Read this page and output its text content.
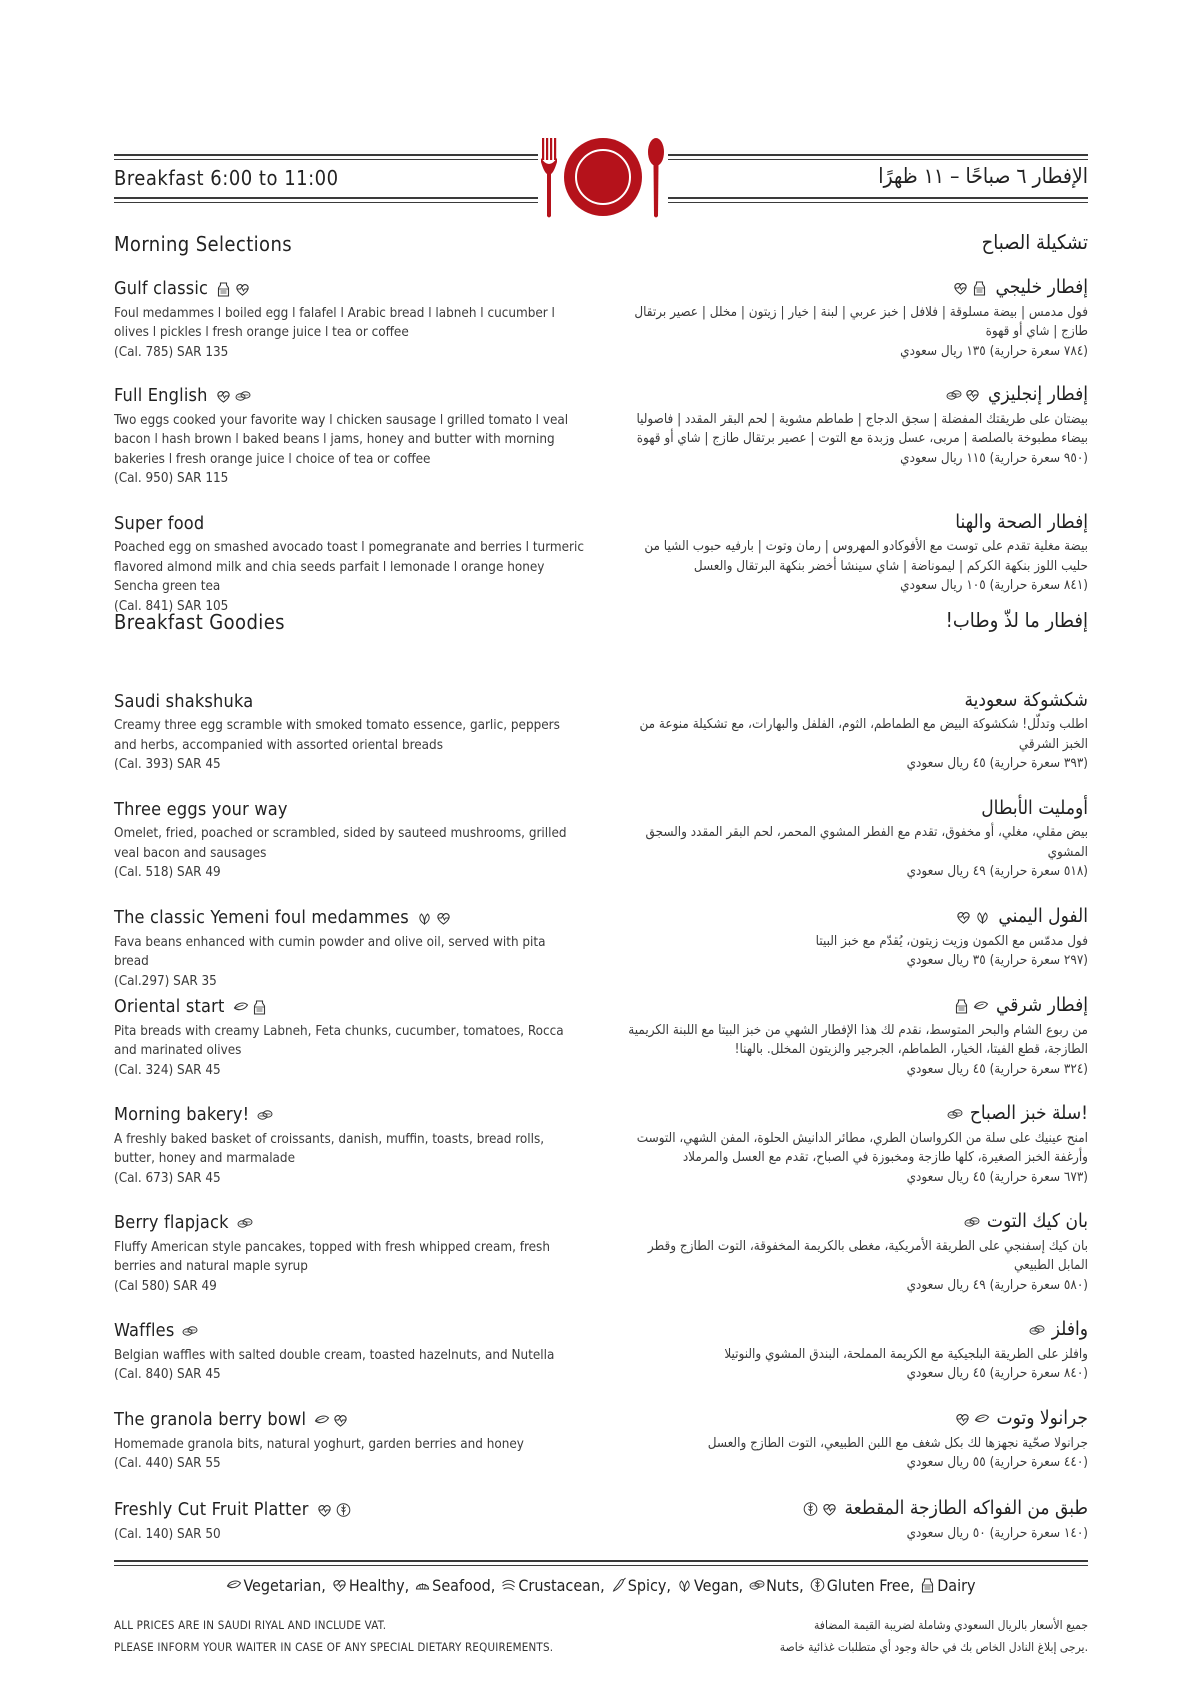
Breakfast 6:00 to 11:00	الإفطار ٦ صباحًا – ١١ ظهرًا
Morning Selections	تشكيلة الصباح
Breakfast Goodies	إفطار ما لذّ وطاب!
Gulf classic
Foul medammes l boiled egg l falafel l Arabic bread l labneh l cucumber l olives l pickles l fresh orange juice l tea or coffee
(Cal. 785) SAR 135
Full English
Two eggs cooked your favorite way l chicken sausage l grilled tomato l veal bacon l hash brown l baked beans l jams, honey and butter with morning bakeries l fresh orange juice l choice of tea or coffee
(Cal. 950) SAR 115
Super food
Poached egg on smashed avocado toast l pomegranate and berries l turmeric flavored almond milk and chia seeds parfait l lemonade l orange honey Sencha green tea
(Cal. 841) SAR 105
Saudi shakshuka
Creamy three egg scramble with smoked tomato essence, garlic, peppers and herbs, accompanied with assorted oriental breads
(Cal. 393) SAR 45
Three eggs your way
Omelet, fried, poached or scrambled, sided by sauteed mushrooms, grilled veal bacon and sausages
(Cal. 518) SAR 49
The classic Yemeni foul medammes
Fava beans enhanced with cumin powder and olive oil, served with pita bread
(Cal.297) SAR 35
Oriental start
Pita breads with creamy Labneh, Feta chunks, cucumber, tomatoes, Rocca and marinated olives
(Cal. 324) SAR 45
Morning bakery!
A freshly baked basket of croissants, danish, muffin, toasts, bread rolls, butter, honey and marmalade
(Cal. 673) SAR 45
Berry flapjack
Fluffy American style pancakes, topped with fresh whipped cream, fresh berries and natural maple syrup
(Cal 580) SAR 49
Waffles
Belgian waffles with salted double cream, toasted hazelnuts, and Nutella
(Cal. 840) SAR 45
The granola berry bowl
Homemade granola bits, natural yoghurt, garden berries and honey
(Cal. 440) SAR 55
Freshly Cut Fruit Platter
(Cal. 140) SAR 50
إفطار خليجي
فول مدمس | بيضة مسلوقة | فلافل | خبز عربي | لبنة | خيار | زيتون | مخلل | عصير برتقال طازج | شاي أو قهوة
(٧٨٤ سعرة حرارية) ١٣٥ ريال سعودي
إفطار إنجليزي
بيضتان على طريقتك المفضلة | سجق الدجاج | طماطم مشوية | لحم البقر المقدد | فاصوليا بيضاء مطبوخة بالصلصة | مربى، عسل وزبدة مع التوت | عصير برتقال طازج | شاي أو قهوة
(٩٥٠ سعرة حرارية) ١١٥ ريال سعودي
إفطار الصحة والهنا
بيضة مغلية تقدم على توست مع الأفوكادو المهروس | رمان وتوت | بارفيه حبوب الشيا من حليب اللوز بنكهة الكركم | ليموناضة | شاي سينشا أخضر بنكهة البرتقال والعسل
(٨٤١ سعرة حرارية) ١٠٥ ريال سعودي
شكشوكة سعودية
اطلب وتدلّل! شكشوكة البيض مع الطماطم، الثوم، الفلفل والبهارات، مع تشكيلة منوعة من الخبز الشرقي
(٣٩٣ سعرة حرارية) ٤٥ ريال سعودي
أومليت الأبطال
بيض مقلي، مغلي، أو مخفوق، تقدم مع الفطر المشوي المحمر، لحم البقر المقدد والسجق المشوي
(٥١٨ سعرة حرارية) ٤٩ ريال سعودي
الفول اليمني
فول مدمّس مع الكمون وزيت زيتون، يُقدّم مع خبز البيتا
(٢٩٧ سعرة حرارية) ٣٥ ريال سعودي
إفطار شرقي
من ربوع الشام والبحر المتوسط، نقدم لك هذا الإفطار الشهي من خبز البيتا مع اللبنة الكريمية الطازجة، قطع الفيتا، الخيار، الطماطم، الجرجير والزيتون المخلل. بالهنا!
(٣٢٤ سعرة حرارية) ٤٥ ريال سعودي
!سلة خبز الصباح
امنح عينيك على سلة من الكرواسان الطري، مطائر الدانيش الحلوة، المفن الشهي، التوست وأرغفة الخبز الصغيرة، كلها طازجة ومخبوزة في الصباح، تقدم مع العسل والمرملاد
(٦٧٣ سعرة حرارية) ٤٥ ريال سعودي
بان كيك التوت
بان كيك إسفنجي على الطريقة الأمريكية، مغطى بالكريمة المخفوقة، التوت الطازج وقطر المابل الطبيعي
(٥٨٠ سعرة حرارية) ٤٩ ريال سعودي
وافلز
وافلز على الطريقة البلجيكية مع الكريمة المملحة، البندق المشوي والنوتيلا
(٨٤٠ سعرة حرارية) ٤٥ ريال سعودي
جرانولا وتوت
جرانولا صحّية نجهزها لك بكل شغف مع اللبن الطبيعي، التوت الطازج والعسل
(٤٤٠ سعرة حرارية) ٥٥ ريال سعودي
طبق من الفواكه الطازجة المقطعة
(١٤٠ سعرة حرارية) ٥٠ ريال سعودي
Vegetarian, Healthy, Seafood, Crustacean, Spicy, Vegan, Nuts, Gluten Free, Dairy
ALL PRICES ARE IN SAUDI RIYAL AND INCLUDE VAT.
PLEASE INFORM YOUR WAITER IN CASE OF ANY SPECIAL DIETARY REQUIREMENTS.
جميع الأسعار بالريال السعودي وشاملة لضريبة القيمة المضافة
.يرجى إبلاغ النادل الخاص بك في حالة وجود أي متطلبات غذائية خاصة
